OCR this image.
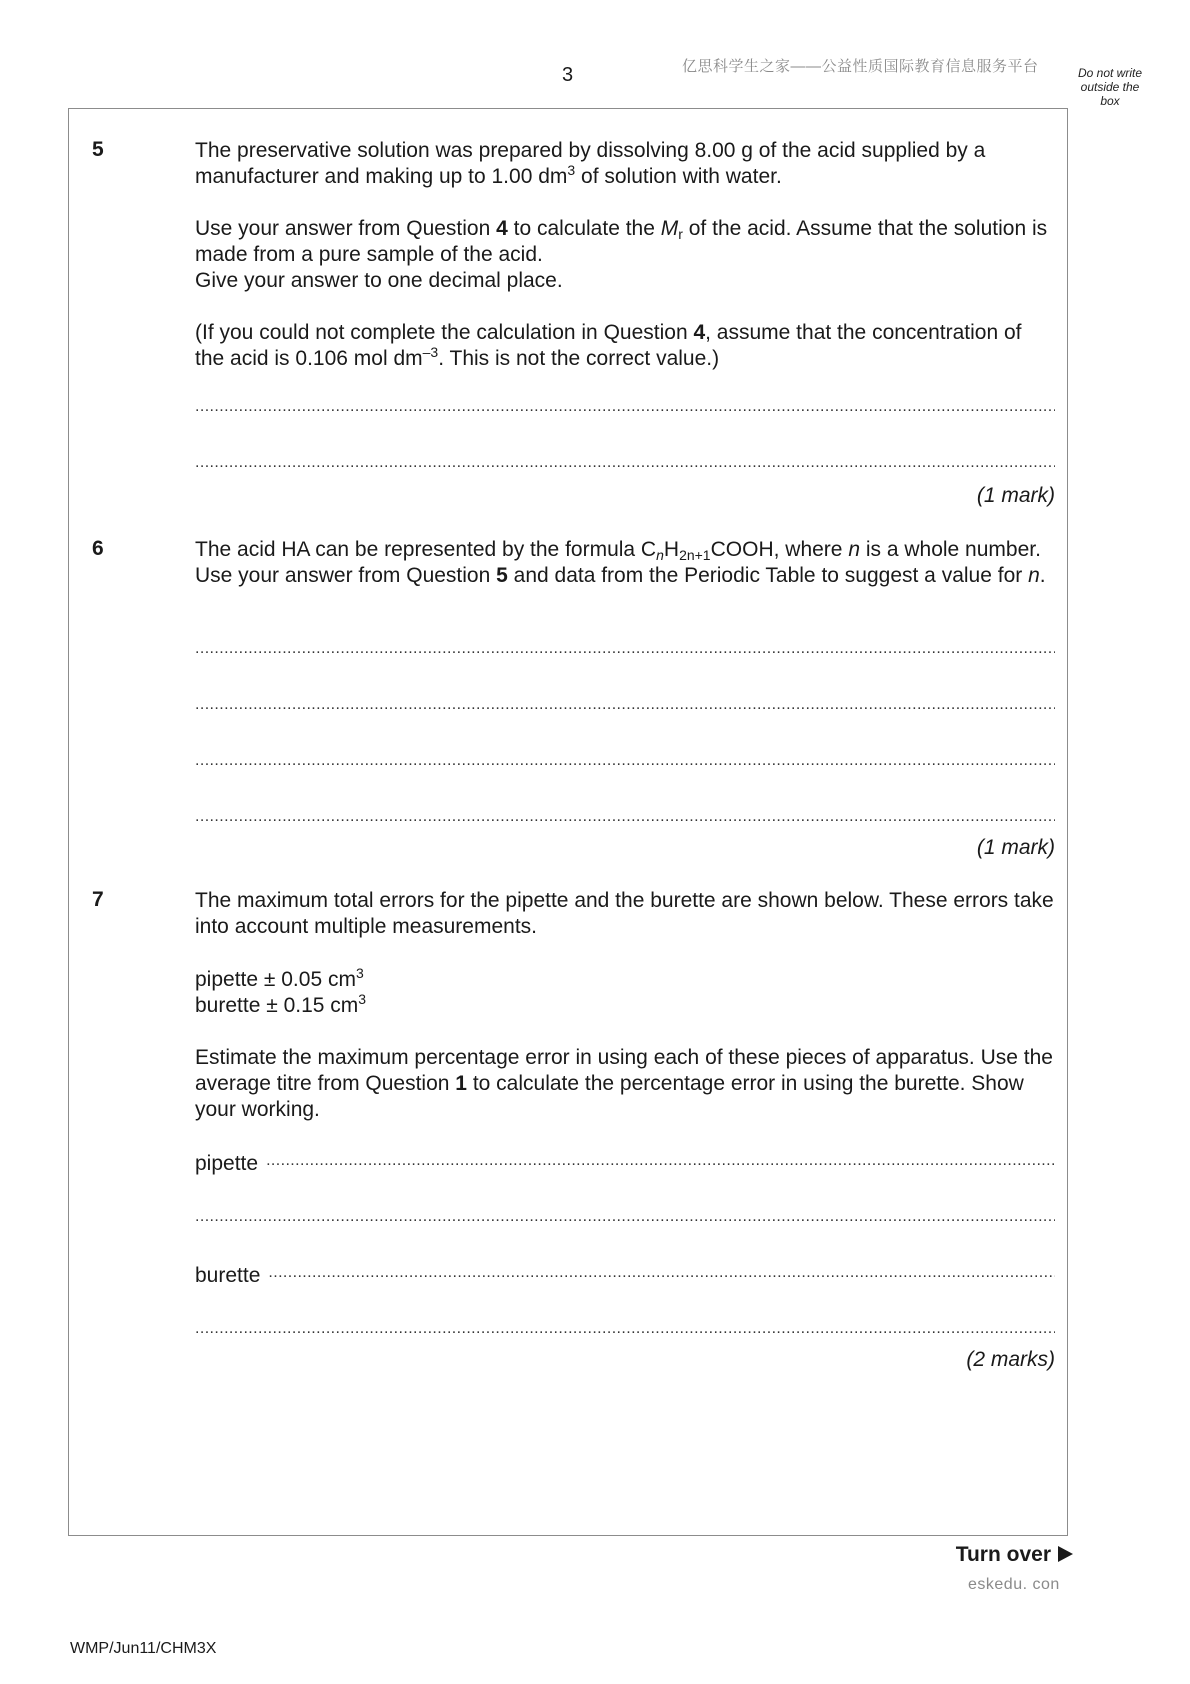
3	亿思科学生之家——公益性质国际教育信息服务平台	Do not write
outside the
box
5	The preservative solution was prepared by dissolving 8.00 g of the acid supplied by a manufacturer and making up to 1.00 $dm^3$ of solution with water.
Use your answer from Question 4 to calculate the $M_r$ of the acid. Assume that the solution is made from a pure sample of the acid.
Give your answer to one decimal place.
(If you could not complete the calculation in Question 4, assume that the concentration of the acid is 0.106 mol $dm^{-3}$. This is not the correct value.)
.....
.....
(1 mark)
6	The acid HA can be represented by the formula $C_nH_{2n+1}COOH$, where n is a whole number. Use your answer from Question 5 and data from the Periodic Table to suggest a value for n.
.....
.....
.....
.....
(1 mark)
7	The maximum total errors for the pipette and the burette are shown below. These errors take into account multiple measurements.
pipette ± 0.05 $cm^3$
burette ± 0.15 $cm^3$
Estimate the maximum percentage error in using each of these pieces of apparatus. Use the average titre from Question 1 to calculate the percentage error in using the burette. Show your working.
pipette
.....
.....
burette
.....
.....
(2 marks)
Turn over
eskedu. con
WMP/Jun11/CHM3X
